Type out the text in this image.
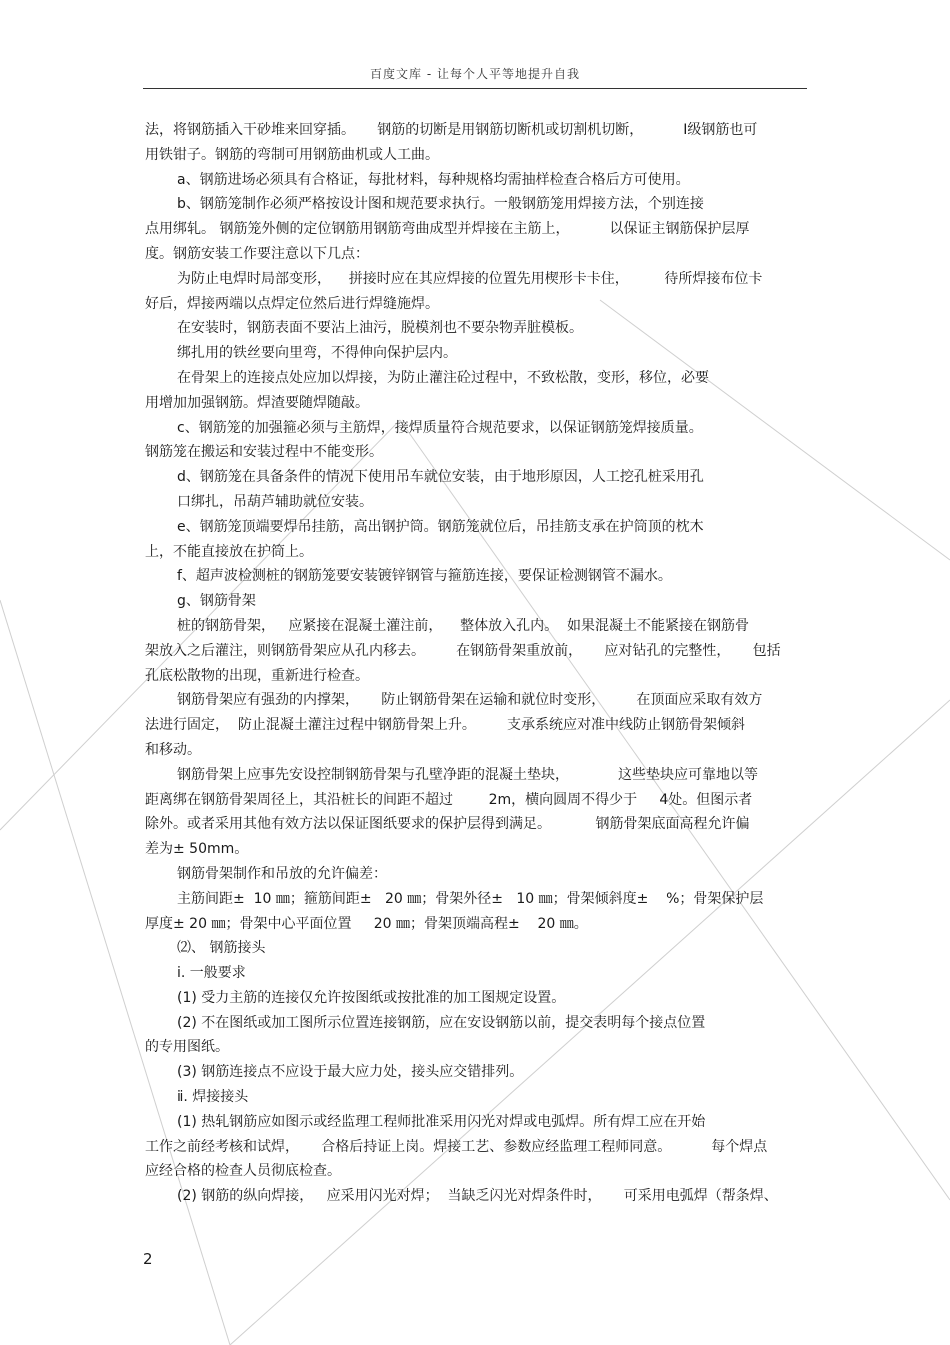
百度文库 - 让每个人平等地提升自我
法，将钢筋插入干砂堆来回穿插。     钢筋的切断是用钢筋切断机或切割机切断，         Ⅰ级钢筋也可
用铁钳子。钢筋的弯制可用钢筋曲机或人工曲。
a、钢筋进场必须具有合格证，每批材料，每种规格均需抽样检查合格后方可使用。
b、钢筋笼制作必须严格按设计图和规范要求执行。一般钢筋笼用焊接方法，个别连接
点用绑轧。 钢筋笼外侧的定位钢筋用钢筋弯曲成型并焊接在主筋上，         以保证主钢筋保护层厚
度。钢筋安装工作要注意以下几点：
为防止电焊时局部变形，    拼接时应在其应焊接的位置先用楔形卡卡住，        待所焊接布位卡
好后，焊接两端以点焊定位然后进行焊缝施焊。
在安装时，钢筋表面不要沾上油污，脱模剂也不要杂物弄脏模板。
绑扎用的铁丝要向里弯，不得伸向保护层内。
在骨架上的连接点处应加以焊接，为防止灌注砼过程中，不致松散，变形，移位，必要
用增加加强钢筋。焊渣要随焊随敲。
c、钢筋笼的加强箍必须与主筋焊，接焊质量符合规范要求，以保证钢筋笼焊接质量。
钢筋笼在搬运和安装过程中不能变形。
d、钢筋笼在具备条件的情况下使用吊车就位安装，由于地形原因，人工挖孔桩采用孔
口绑扎，吊葫芦辅助就位安装。
e、钢筋笼顶端要焊吊挂筋，高出钢护筒。钢筋笼就位后，吊挂筋支承在护筒顶的枕木
上，不能直接放在护筒上。
f、超声波检测桩的钢筋笼要安装镀锌钢管与箍筋连接，要保证检测钢管不漏水。
g、钢筋骨架
桩的钢筋骨架，   应紧接在混凝土灌注前，    整体放入孔内。  如果混凝土不能紧接在钢筋骨
架放入之后灌注，则钢筋骨架应从孔内移去。       在钢筋骨架重放前，     应对钻孔的完整性，     包括
孔底松散物的出现，重新进行检查。
钢筋骨架应有强劲的内撑架，     防止钢筋骨架在运输和就位时变形，       在顶面应采取有效方
法进行固定，  防止混凝土灌注过程中钢筋骨架上升。       支承系统应对准中线防止钢筋骨架倾斜
和移动。
钢筋骨架上应事先安设控制钢筋骨架与孔壁净距的混凝土垫块，           这些垫块应可靠地以等
距离绑在钢筋骨架周径上，其沿桩长的间距不超过        2m，横向圆周不得少于     4处。但图示者
除外。或者采用其他有效方法以保证图纸要求的保护层得到满足。          钢筋骨架底面高程允许偏
差为± 50mm。
钢筋骨架制作和吊放的允许偏差：
主筋间距±  10 ㎜；箍筋间距±   20 ㎜；骨架外径±   10 ㎜；骨架倾斜度±    %；骨架保护层
厚度± 20 ㎜；骨架中心平面位置     20 ㎜；骨架顶端高程±    20 ㎜。
⑵、 钢筋接头
ⅰ. 一般要求
(1) 受力主筋的连接仅允许按图纸或按批准的加工图规定设置。
(2) 不在图纸或加工图所示位置连接钢筋，应在安设钢筋以前，提交表明每个接点位置
的专用图纸。
(3) 钢筋连接点不应设于最大应力处，接头应交错排列。
ⅱ. 焊接接头
(1) 热轧钢筋应如图示或经监理工程师批准采用闪光对焊或电弧焊。所有焊工应在开始
工作之前经考核和试焊，     合格后持证上岗。焊接工艺、参数应经监理工程师同意。         每个焊点
应经合格的检查人员彻底检查。
(2) 钢筋的纵向焊接，   应采用闪光对焊；  当缺乏闪光对焊条件时，     可采用电弧焊（帮条焊、
2
